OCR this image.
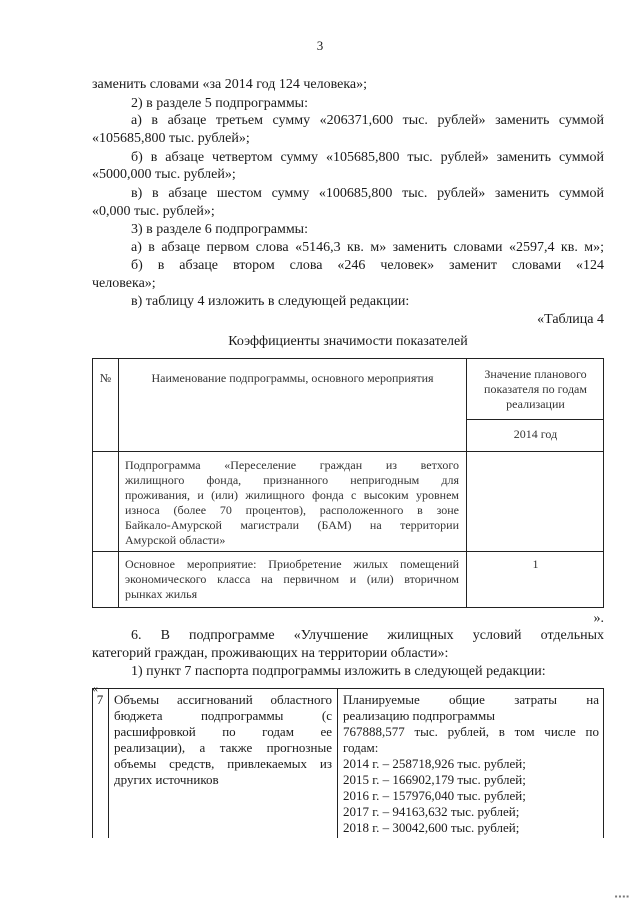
3
заменить словами «за 2014 год 124 человека»;
2) в разделе 5 подпрограммы:
а) в абзаце третьем сумму «206371,600 тыс. рублей» заменить суммой
«105685,800 тыс. рублей»;
б) в абзаце четвертом сумму «105685,800 тыс. рублей» заменить суммой
«5000,000 тыс. рублей»;
в) в абзаце шестом сумму «100685,800 тыс. рублей» заменить суммой
«0,000 тыс. рублей»;
3) в разделе 6 подпрограммы:
а) в абзаце первом слова «5146,3 кв. м» заменить словами «2597,4 кв. м»;
б) в абзаце втором слова «246 человек» заменит словами «124
человека»;
в) таблицу 4 изложить в следующей редакции:
«Таблица 4
Коэффициенты значимости показателей
№	Наименование подпрограммы, основного мероприятия	Значение планового
показателя по годам
реализации
2014 год
Подпрограмма «Переселение граждан из ветхого
жилищного фонда, признанного непригодным для
проживания, и (или) жилищного фонда с высоким уровнем
износа (более 70 процентов), расположенного в зоне
Байкало-Амурской магистрали (БАМ) на территории
Амурской области»
Основное мероприятие: Приобретение жилых помещений
экономического класса на первичном и (или) вторичном
рынках жилья
1
».
6. В подпрограмме «Улучшение жилищных условий отдельных
категорий граждан, проживающих на территории области»:
1) пункт 7 паспорта подпрограммы изложить в следующей редакции:
«
7 Объемы ассигнований областного
бюджета подпрограммы (с
расшифровкой по годам ее
реализации), а также прогнозные
объемы средств, привлекаемых из
других источников
Планируемые общие затраты на
реализацию подпрограммы
767888,577 тыс. рублей, в том числе по
годам:
2014 г. – 258718,926 тыс. рублей;
2015 г. – 166902,179 тыс. рублей;
2016 г. – 157976,040 тыс. рублей;
2017 г. – 94163,632 тыс. рублей;
2018 г. – 30042,600 тыс. рублей;
▪▪▪▪
